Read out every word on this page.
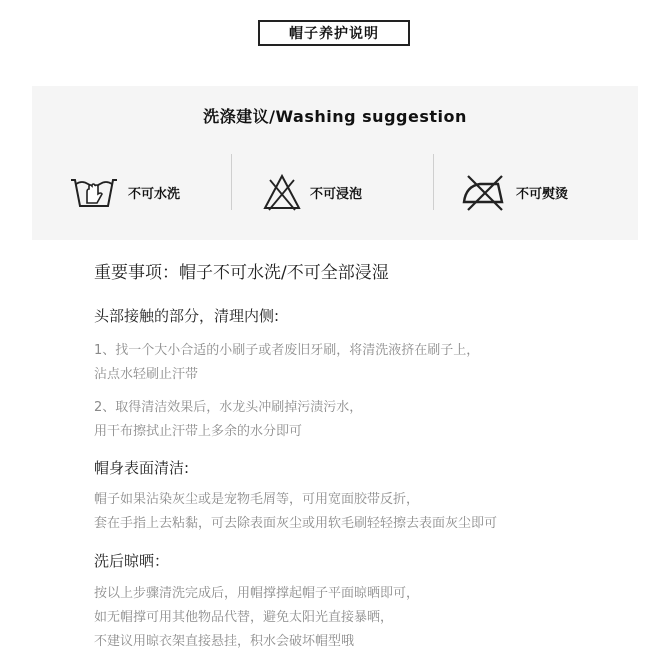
帽子养护说明
洗涤建议/Washing suggestion
不可水洗	不可浸泡	不可熨烫
重要事项：帽子不可水洗/不可全部浸湿
头部接触的部分，清理内侧:
1、找一个大小合适的小刷子或者废旧牙刷，将清洗液挤在刷子上，
沾点水轻刷止汗带
2、取得清洁效果后，水龙头冲刷掉污渍污水，
用干布擦拭止汗带上多余的水分即可
帽身表面清洁:
帽子如果沾染灰尘或是宠物毛屑等，可用宽面胶带反折，
套在手指上去粘黏，可去除表面灰尘或用软毛刷轻轻擦去表面灰尘即可
洗后晾晒：
按以上步骤清洗完成后，用帽撑撑起帽子平面晾晒即可，
如无帽撑可用其他物品代替，避免太阳光直接暴晒，
不建议用晾衣架直接悬挂，积水会破坏帽型哦
